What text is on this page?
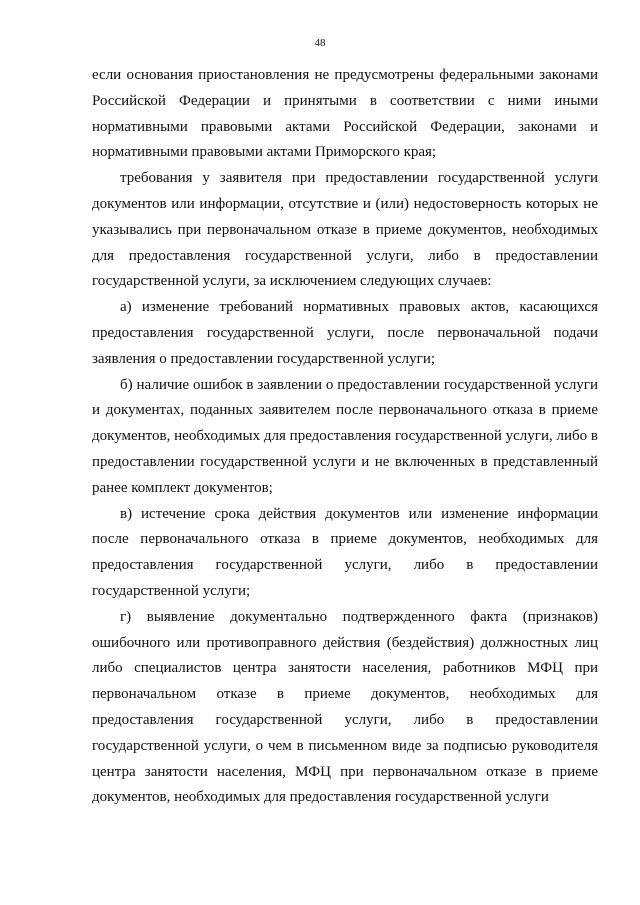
48

если основания приостановления не предусмотрены федеральными законами Российской Федерации и принятыми в соответствии с ними иными нормативными правовыми актами Российской Федерации, законами и нормативными правовыми актами Приморского края;

требования у заявителя при предоставлении государственной услуги документов или информации, отсутствие и (или) недостоверность которых не указывались при первоначальном отказе в приеме документов, необходимых для предоставления государственной услуги, либо в предоставлении государственной услуги, за исключением следующих случаев:

а) изменение требований нормативных правовых актов, касающихся предоставления государственной услуги, после первоначальной подачи заявления о предоставлении государственной услуги;

б) наличие ошибок в заявлении о предоставлении государственной услуги и документах, поданных заявителем после первоначального отказа в приеме документов, необходимых для предоставления государственной услуги, либо в предоставлении государственной услуги и не включенных в представленный ранее комплект документов;

в) истечение срока действия документов или изменение информации после первоначального отказа в приеме документов, необходимых для предоставления государственной услуги, либо в предоставлении государственной услуги;

г) выявление документально подтвержденного факта (признаков) ошибочного или противоправного действия (бездействия) должностных лиц либо специалистов центра занятости населения, работников МФЦ при первоначальном отказе в приеме документов, необходимых для предоставления государственной услуги, либо в предоставлении государственной услуги, о чем в письменном виде за подписью руководителя центра занятости населения, МФЦ при первоначальном отказе в приеме документов, необходимых для предоставления государственной услуги
